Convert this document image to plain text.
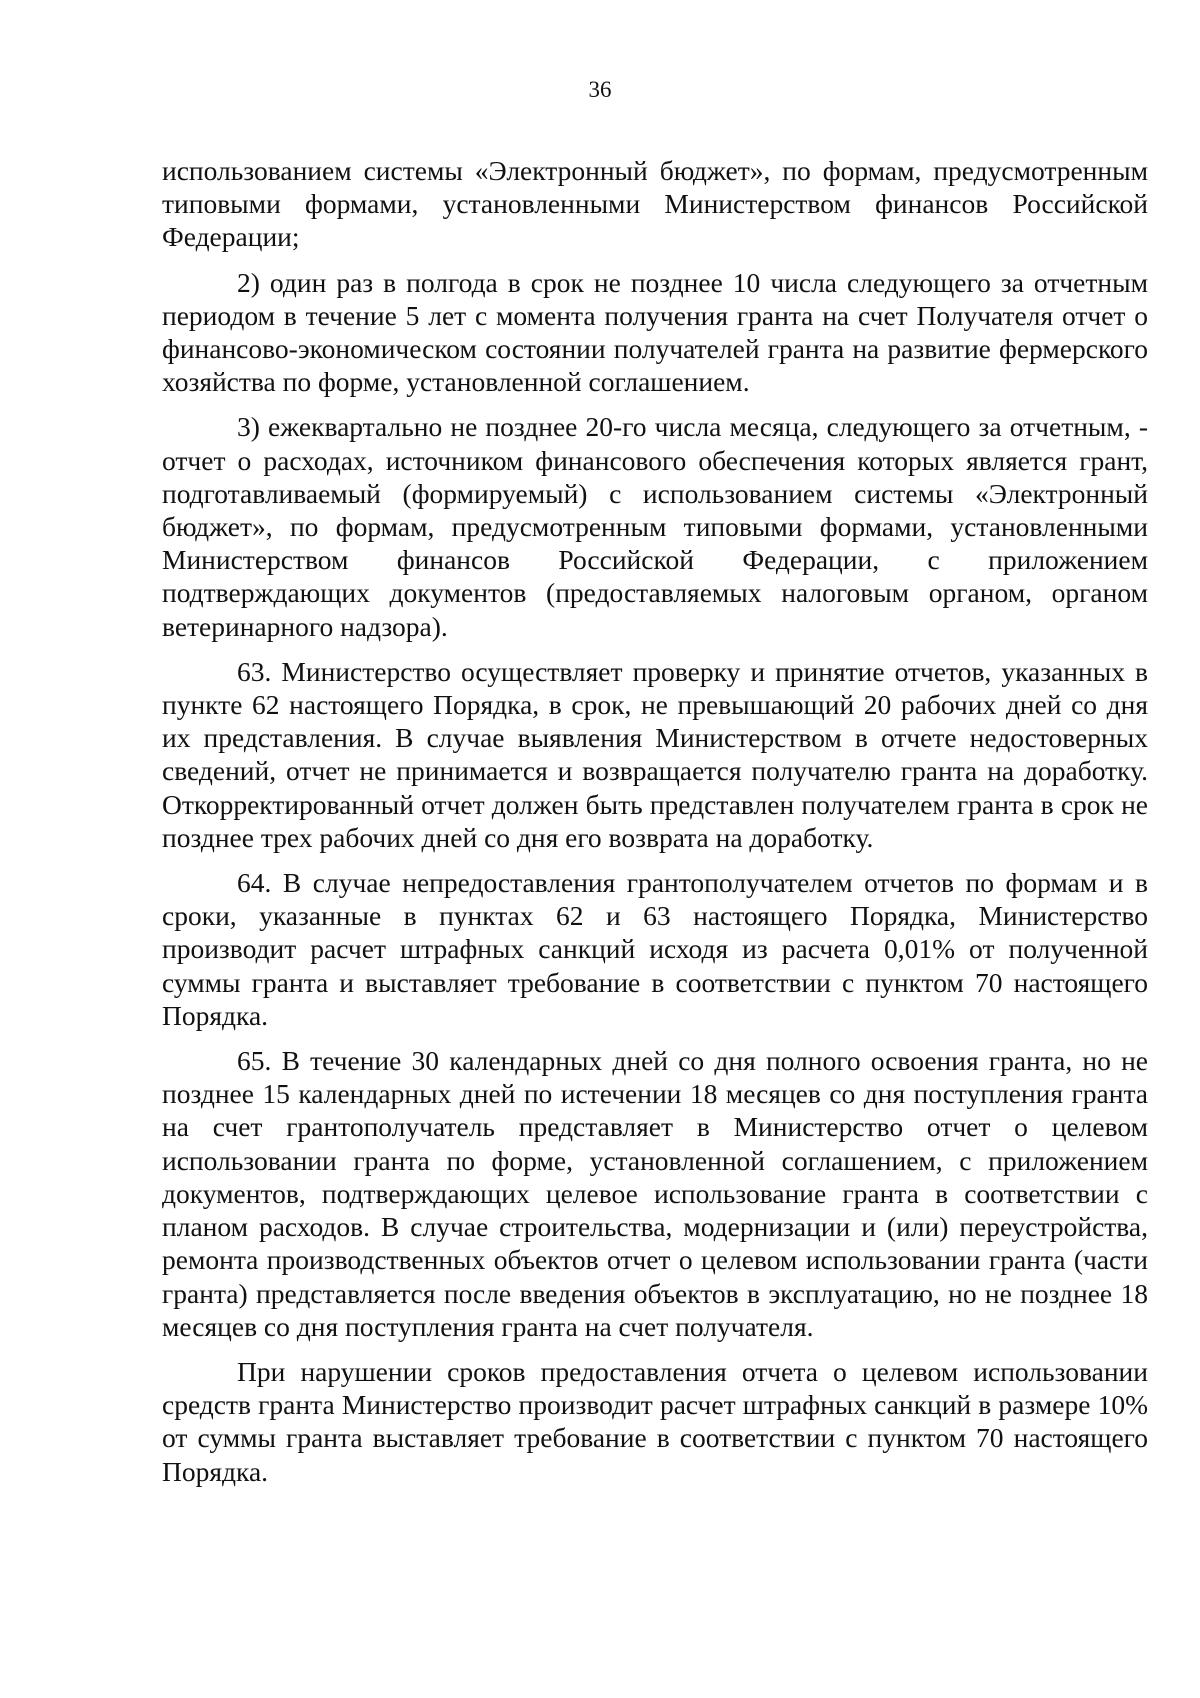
36

использованием системы «Электронный бюджет», по формам, предусмотренным типовыми формами, установленными Министерством финансов Российской Федерации;

2) один раз в полгода в срок не позднее 10 числа следующего за отчетным периодом в течение 5 лет с момента получения гранта на счет Получателя отчет о финансово-экономическом состоянии получателей гранта на развитие фермерского хозяйства по форме, установленной соглашением.

3) ежеквартально не позднее 20-го числа месяца, следующего за отчетным, - отчет о расходах, источником финансового обеспечения которых является грант, подготавливаемый (формируемый) с использованием системы «Электронный бюджет», по формам, предусмотренным типовыми формами, установленными Министерством финансов Российской Федерации, с приложением подтверждающих документов (предоставляемых налоговым органом, органом ветеринарного надзора).

63. Министерство осуществляет проверку и принятие отчетов, указанных в пункте 62 настоящего Порядка, в срок, не превышающий 20 рабочих дней со дня их представления. В случае выявления Министерством в отчете недостоверных сведений, отчет не принимается и возвращается получателю гранта на доработку. Откорректированный отчет должен быть представлен получателем гранта в срок не позднее трех рабочих дней со дня его возврата на доработку.

64. В случае непредоставления грантополучателем отчетов по формам и в сроки, указанные в пунктах 62 и 63 настоящего Порядка, Министерство производит расчет штрафных санкций исходя из расчета 0,01% от полученной суммы гранта и выставляет требование в соответствии с пунктом 70 настоящего Порядка.

65. В течение 30 календарных дней со дня полного освоения гранта, но не позднее 15 календарных дней по истечении 18 месяцев со дня поступления гранта на счет грантополучатель представляет в Министерство отчет о целевом использовании гранта по форме, установленной соглашением, с приложением документов, подтверждающих целевое использование гранта в соответствии с планом расходов. В случае строительства, модернизации и (или) переустройства, ремонта производственных объектов отчет о целевом использовании гранта (части гранта) представляется после введения объектов в эксплуатацию, но не позднее 18 месяцев со дня поступления гранта на счет получателя.

При нарушении сроков предоставления отчета о целевом использовании средств гранта Министерство производит расчет штрафных санкций в размере 10% от суммы гранта выставляет требование в соответствии с пунктом 70 настоящего Порядка.
